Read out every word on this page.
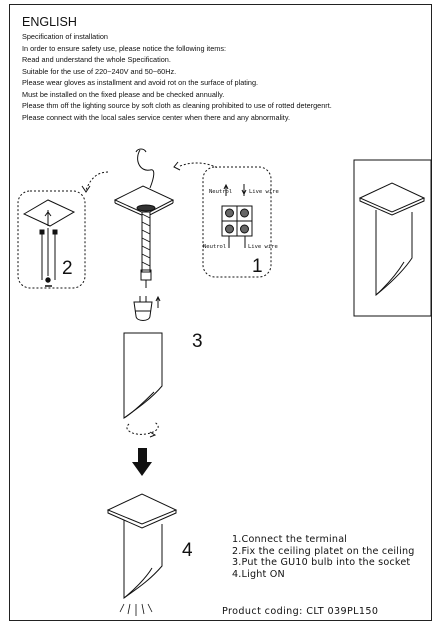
ENGLISH
Specification of installation
In order to ensure safety use, please notice the following items:
Read and understand the whole Specification.
Suitable for the use of 220~240V and 50~60Hz.
Please wear gloves as installment and avoid rot on the surface of plating.
Must be installed on the fixed please and be checked annually.
Please thm off the lighting source by soft cloth as cleaning prohibited to use of rotted detergenrt.
Please connect with the local sales service center when there and any abnormality.
Neutrol	Live wire
Neutrol	Live wire
1
2
3
4
1.Connect the terminal
2.Fix the ceiling platet on the ceiling
3.Put the GU10 bulb into the socket
4.Light ON
Product coding: CLT 039PL150
